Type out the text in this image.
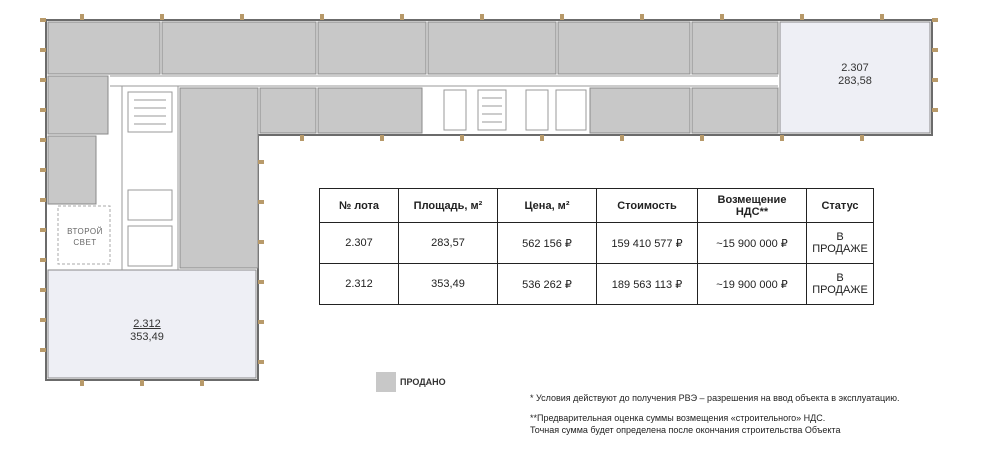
2.307
283,58
2.312
353,49
ВТОРОЙ
СВЕТ
№ лота	Площадь, м²	Цена, м²	Стоимость	Возмещение НДС**	Статус
2.307	283,57	562 156 ₽	159 410 577 ₽	~15 900 000 ₽	В ПРОДАЖЕ
2.312	353,49	536 262 ₽	189 563 113 ₽	~19 900 000 ₽	В ПРОДАЖЕ
ПРОДАНО
* Условия действуют до получения РВЭ – разрешения на ввод объекта в эксплуатацию.
**Предварительная оценка суммы возмещения «строительного» НДС.
Точная сумма будет определена после окончания строительства Объекта
